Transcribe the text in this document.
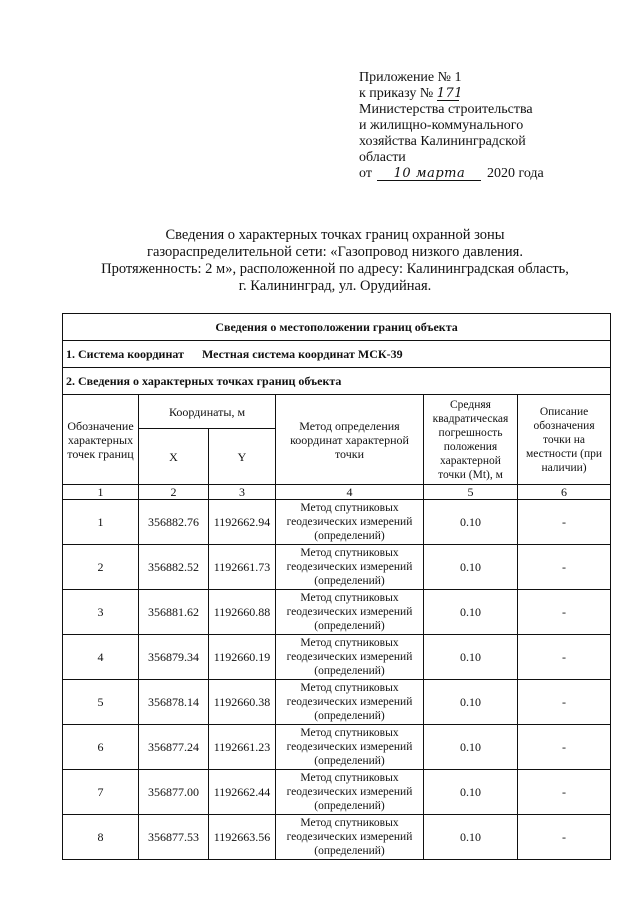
Приложение № 1
к приказу № 171
Министерства строительства
и жилищно-коммунального
хозяйства Калининградской
области
от 10 марта 2020 года
Сведения о характерных точках границ охранной зоны
газораспределительной сети: «Газопровод низкого давления.
Протяженность: 2 м», расположенной по адресу: Калининградская область,
г. Калининград, ул. Орудийная.
Сведения о местоположении границ объекта					
1. Система координат Местная система координат МСК-39					
2. Сведения о характерных точках границ объекта					
Обозначение характерных точек границ	Координаты, м		Метод определения координат характерной точки	Средняя квадратическая погрешность положения характерной точки (Mt), м	Описание обозначения точки на местности (при наличии)
	X	Y			
1	2	3	4	5	6
1	356882.76	1192662.94	Метод спутниковых геодезических измерений (определений)	0.10	-
2	356882.52	1192661.73	Метод спутниковых геодезических измерений (определений)	0.10	-
3	356881.62	1192660.88	Метод спутниковых геодезических измерений (определений)	0.10	-
4	356879.34	1192660.19	Метод спутниковых геодезических измерений (определений)	0.10	-
5	356878.14	1192660.38	Метод спутниковых геодезических измерений (определений)	0.10	-
6	356877.24	1192661.23	Метод спутниковых геодезических измерений (определений)	0.10	-
7	356877.00	1192662.44	Метод спутниковых геодезических измерений (определений)	0.10	-
8	356877.53	1192663.56	Метод спутниковых геодезических измерений (определений)	0.10	-
